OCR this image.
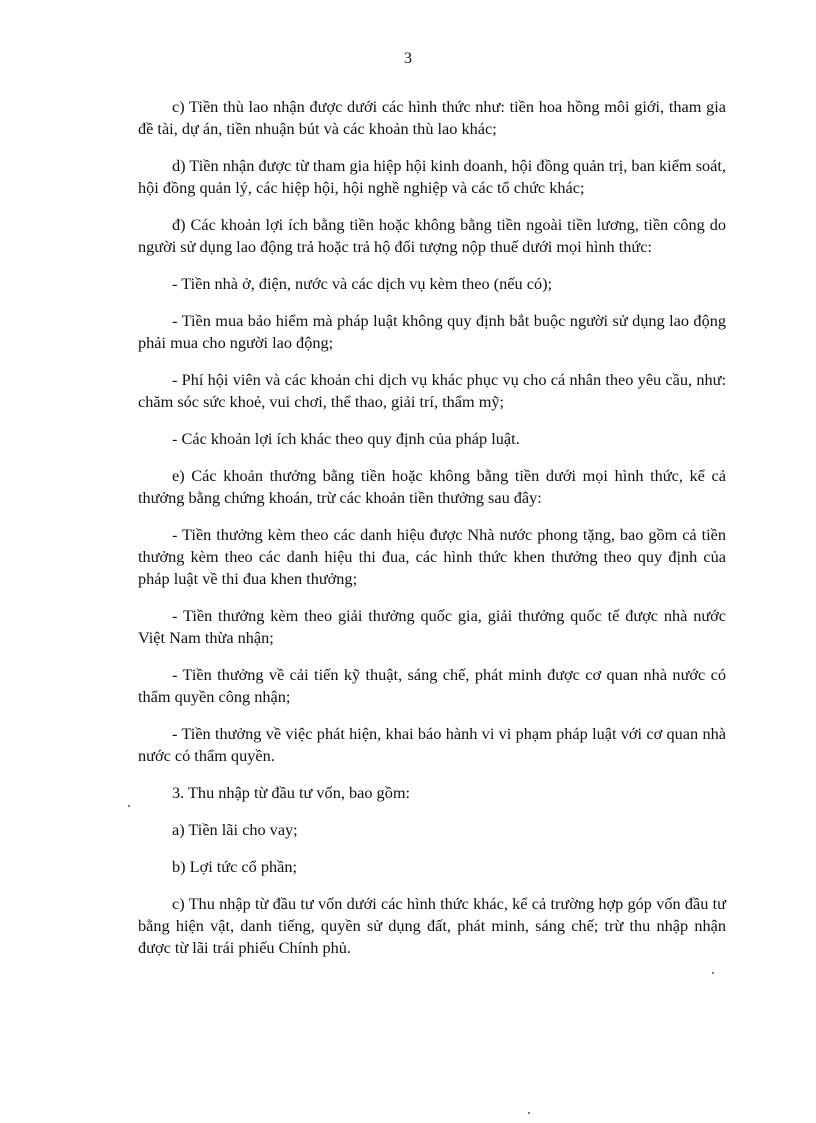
3

c) Tiền thù lao nhận được dưới các hình thức như: tiền hoa hồng môi giới, tham gia đề tài, dự án, tiền nhuận bút và các khoản thù lao khác;

d) Tiền nhận được từ tham gia hiệp hội kinh doanh, hội đồng quản trị, ban kiểm soát, hội đồng quản lý, các hiệp hội, hội nghề nghiệp và các tổ chức khác;

đ) Các khoản lợi ích bằng tiền hoặc không bằng tiền ngoài tiền lương, tiền công do người sử dụng lao động trả hoặc trả hộ đối tượng nộp thuế dưới mọi hình thức:

- Tiền nhà ở, điện, nước và các dịch vụ kèm theo (nếu có);

- Tiền mua bảo hiểm mà pháp luật không quy định bắt buộc người sử dụng lao động phải mua cho người lao động;

- Phí hội viên và các khoản chi dịch vụ khác phục vụ cho cá nhân theo yêu cầu, như: chăm sóc sức khoẻ, vui chơi, thể thao, giải trí, thẩm mỹ;

- Các khoản lợi ích khác theo quy định của pháp luật.

e) Các khoản thưởng bằng tiền hoặc không bằng tiền dưới mọi hình thức, kể cả thưởng bằng chứng khoán, trừ các khoản tiền thưởng sau đây:

- Tiền thưởng kèm theo các danh hiệu được Nhà nước phong tặng, bao gồm cả tiền thưởng kèm theo các danh hiệu thi đua, các hình thức khen thưởng theo quy định của pháp luật về thi đua khen thưởng;

- Tiền thưởng kèm theo giải thưởng quốc gia, giải thưởng quốc tế được nhà nước Việt Nam thừa nhận;

- Tiền thưởng về cải tiến kỹ thuật, sáng chế, phát minh được cơ quan nhà nước có thẩm quyền công nhận;

- Tiền thưởng về việc phát hiện, khai báo hành vi vi phạm pháp luật với cơ quan nhà nước có thẩm quyền.

3. Thu nhập từ đầu tư vốn, bao gồm:

a) Tiền lãi cho vay;

b) Lợi tức cổ phần;

c) Thu nhập từ đầu tư vốn dưới các hình thức khác, kể cả trường hợp góp vốn đầu tư bằng hiện vật, danh tiếng, quyền sử dụng đất, phát minh, sáng chế; trừ thu nhập nhận được từ lãi trái phiếu Chính phủ.
